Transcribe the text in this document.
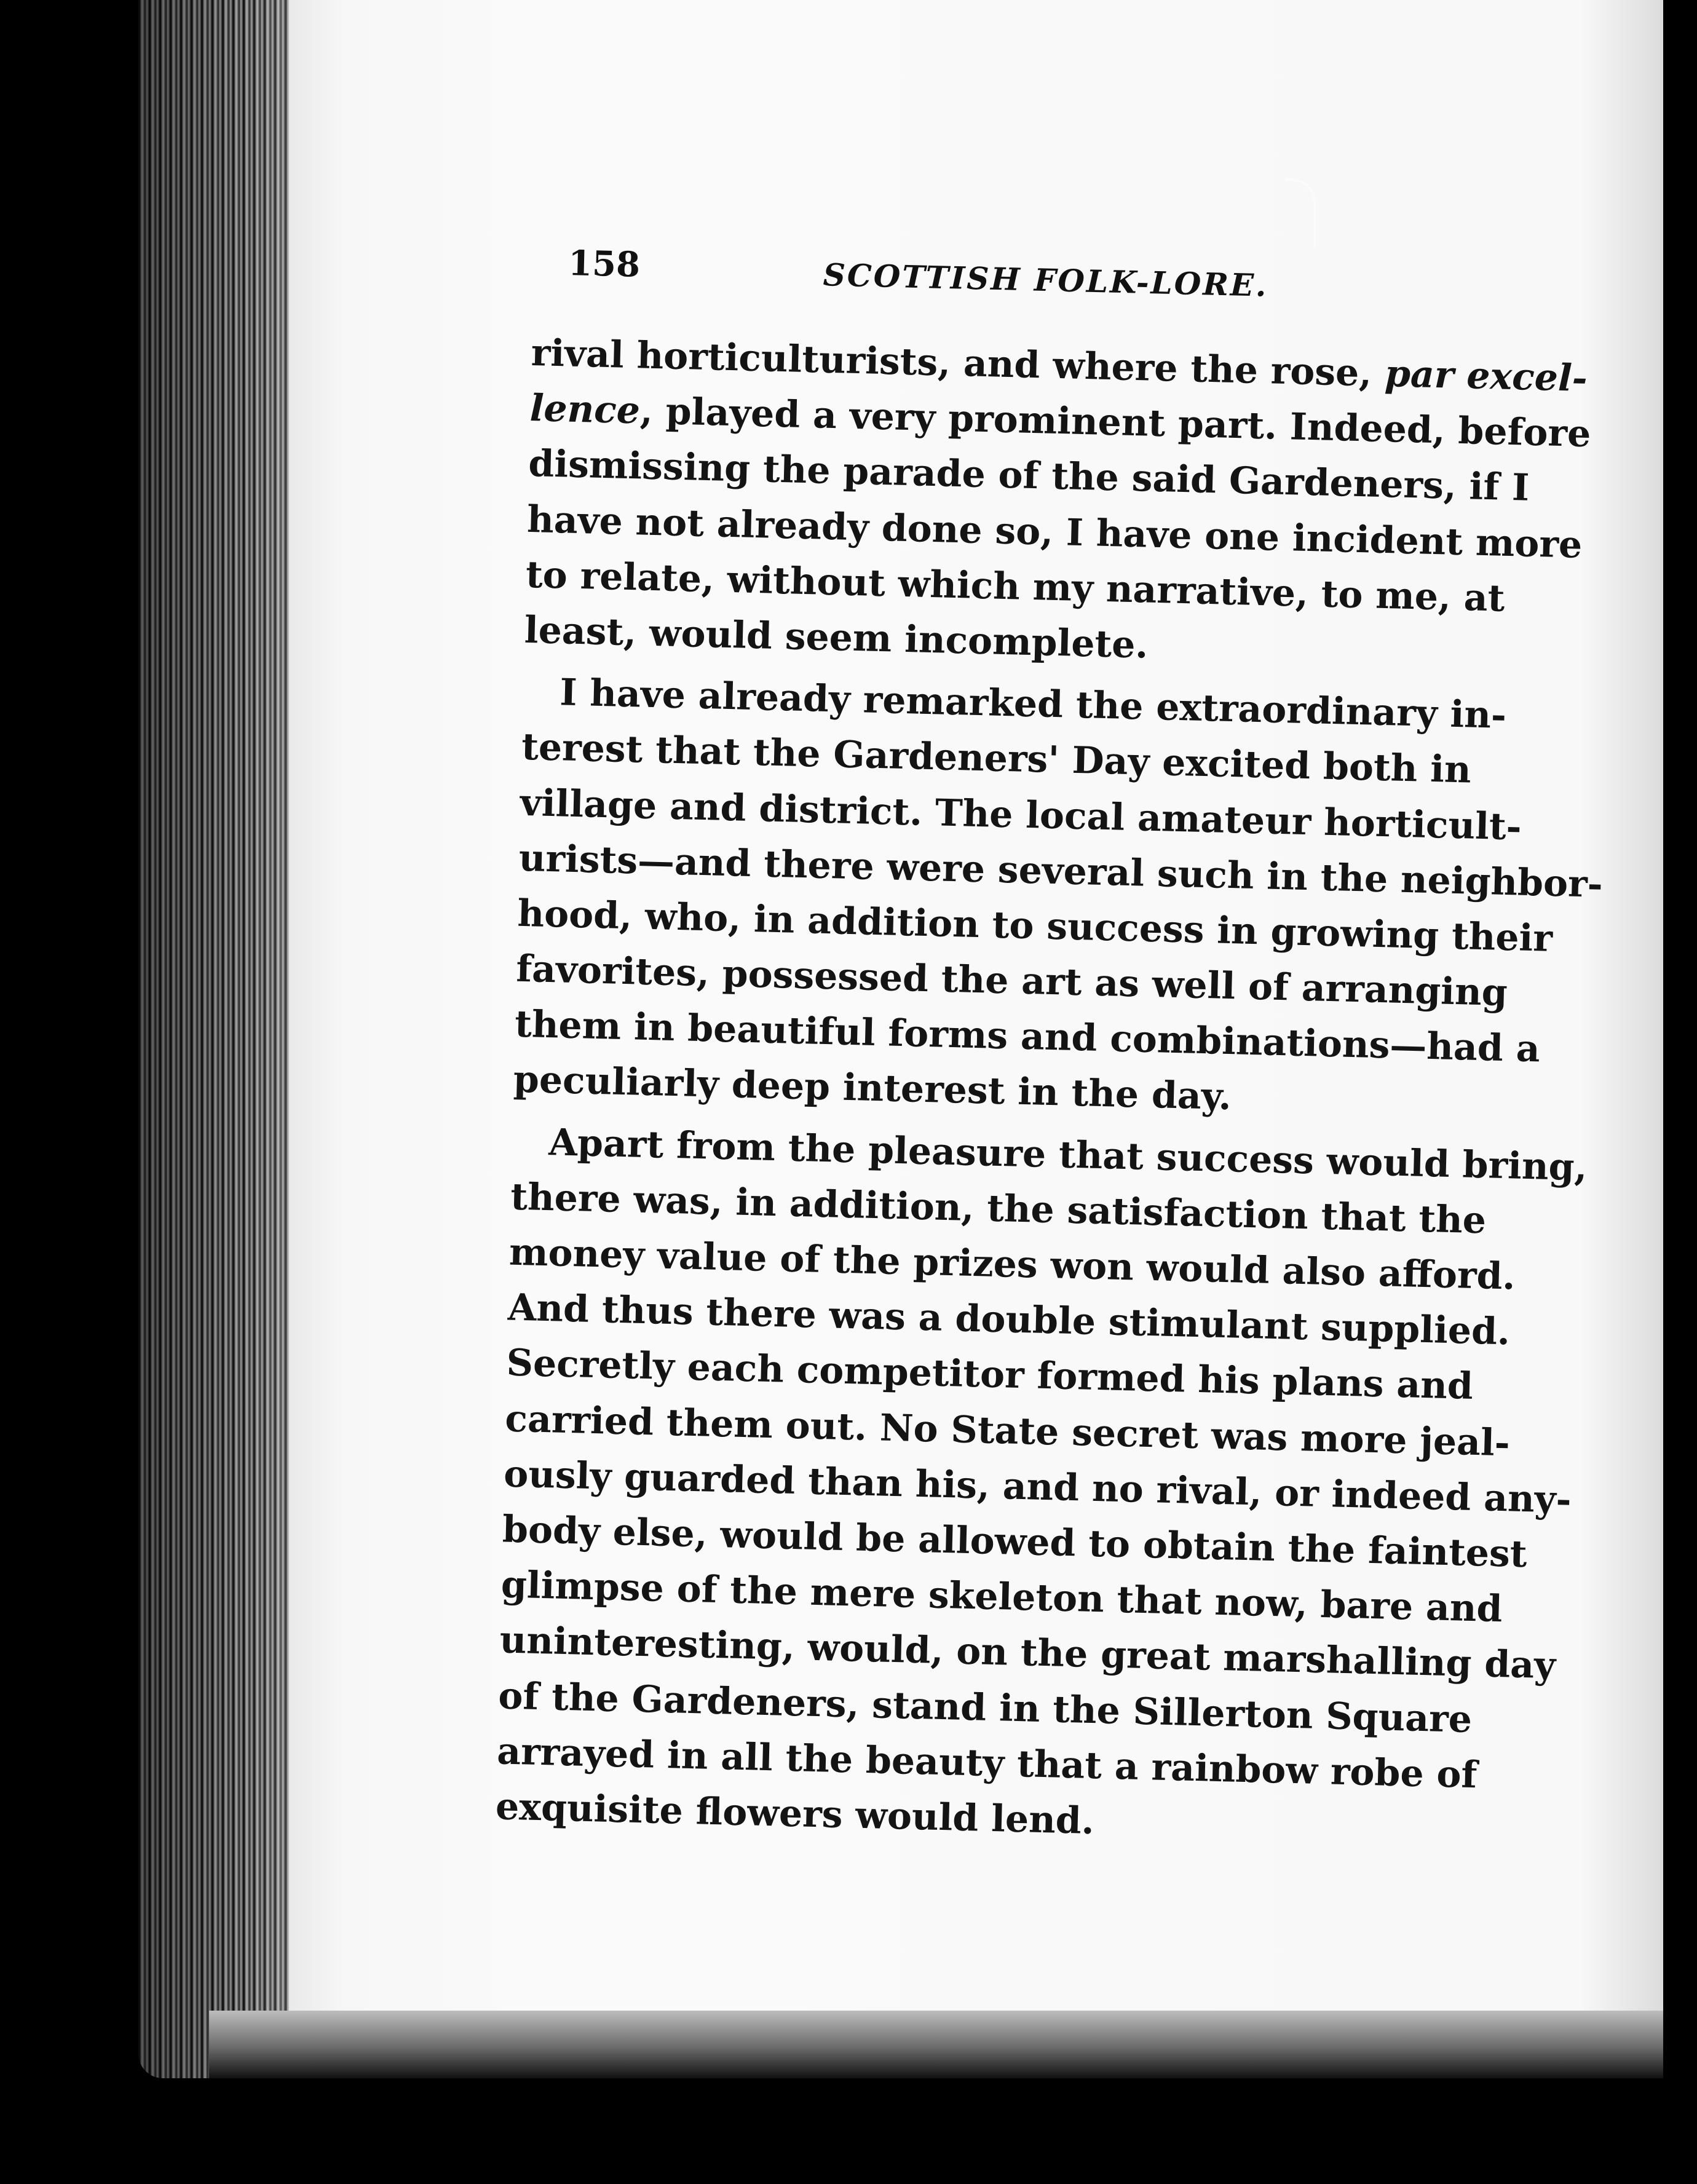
158	SCOTTISH FOLK-LORE.
rival horticulturists, and where the rose, par excel-
lence, played a very prominent part. Indeed, before
dismissing the parade of the said Gardeners, if I
have not already done so, I have one incident more
to relate, without which my narrative, to me, at
least, would seem incomplete.
I have already remarked the extraordinary in-
terest that the Gardeners' Day excited both in
village and district. The local amateur horticult-
urists—and there were several such in the neighbor-
hood, who, in addition to success in growing their
favorites, possessed the art as well of arranging
them in beautiful forms and combinations—had a
peculiarly deep interest in the day.
Apart from the pleasure that success would bring,
there was, in addition, the satisfaction that the
money value of the prizes won would also afford.
And thus there was a double stimulant supplied.
Secretly each competitor formed his plans and
carried them out. No State secret was more jeal-
ously guarded than his, and no rival, or indeed any-
body else, would be allowed to obtain the faintest
glimpse of the mere skeleton that now, bare and
uninteresting, would, on the great marshalling day
of the Gardeners, stand in the Sillerton Square
arrayed in all the beauty that a rainbow robe of
exquisite flowers would lend.
